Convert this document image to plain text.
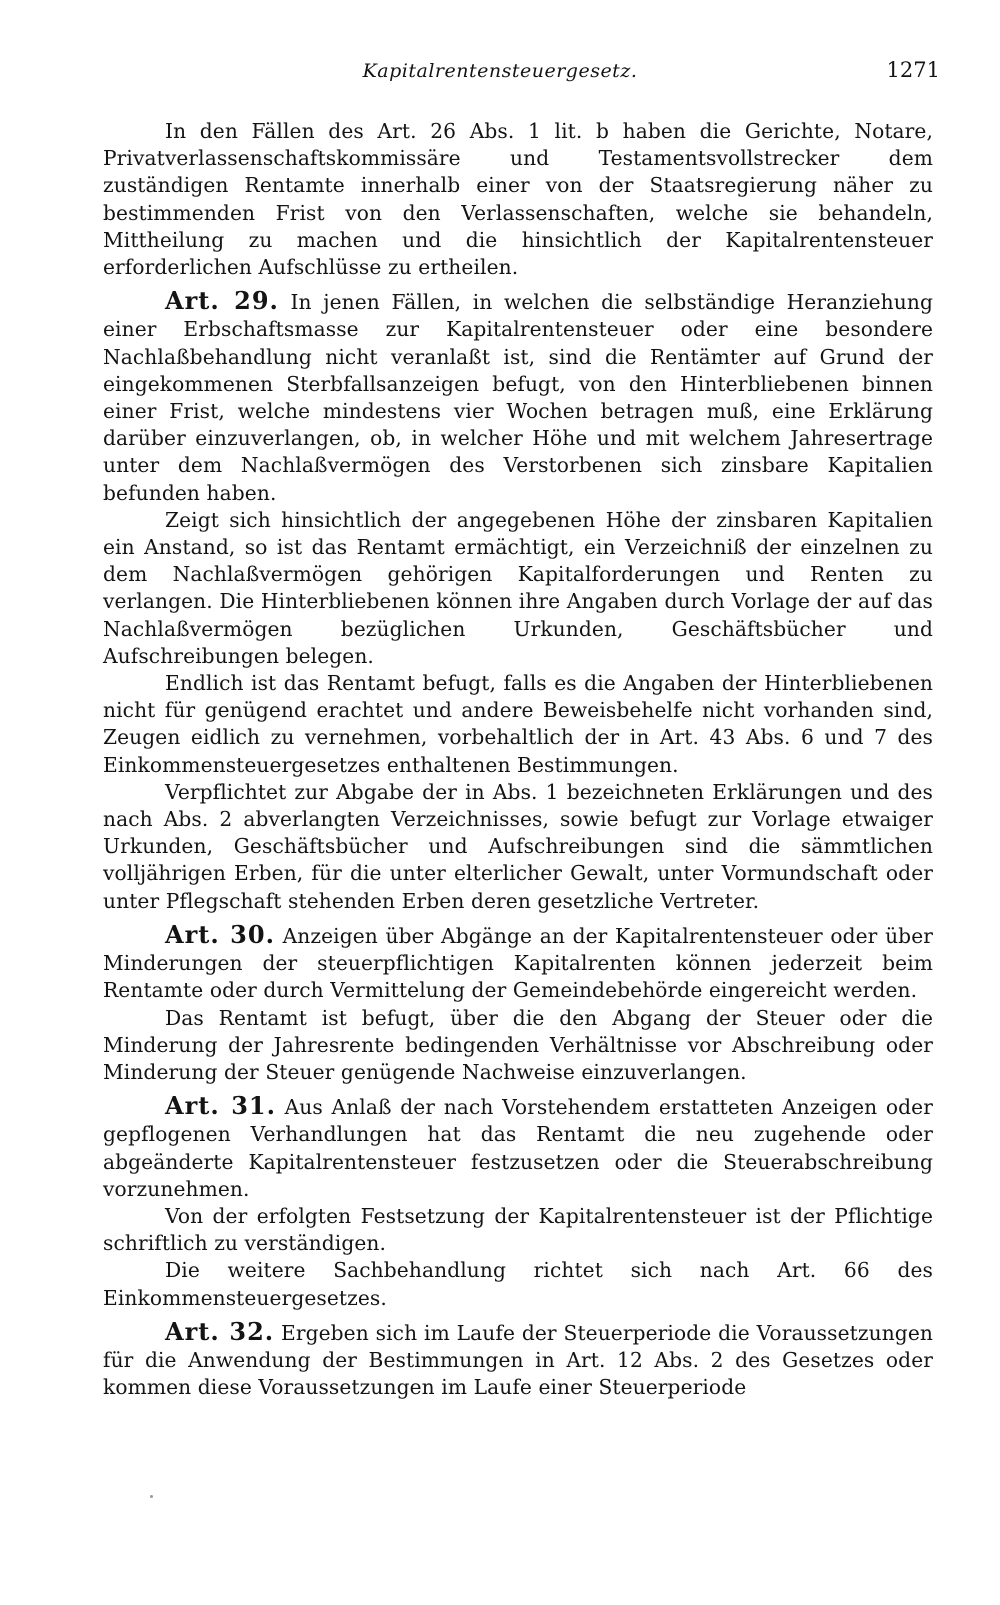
Kapitalrentensteuergesetz.	1271

In den Fällen des Art. 26 Abs. 1 lit. b haben die Gerichte, Notare, Privatverlassenschaftskommissäre und Testamentsvollstrecker dem zuständigen Rentamte innerhalb einer von der Staatsregierung näher zu bestimmenden Frist von den Verlassenschaften, welche sie behandeln, Mittheilung zu machen und die hinsichtlich der Kapitalrentensteuer erforderlichen Aufschlüsse zu ertheilen.

Art. 29. In jenen Fällen, in welchen die selbständige Heranziehung einer Erbschaftsmasse zur Kapitalrentensteuer oder eine besondere Nachlaßbehandlung nicht veranlaßt ist, sind die Rentämter auf Grund der eingekommenen Sterbfallsanzeigen befugt, von den Hinterbliebenen binnen einer Frist, welche mindestens vier Wochen betragen muß, eine Erklärung darüber einzuverlangen, ob, in welcher Höhe und mit welchem Jahresertrage unter dem Nachlaßvermögen des Verstorbenen sich zinsbare Kapitalien befunden haben.

Zeigt sich hinsichtlich der angegebenen Höhe der zinsbaren Kapitalien ein Anstand, so ist das Rentamt ermächtigt, ein Verzeichniß der einzelnen zu dem Nachlaßvermögen gehörigen Kapitalforderungen und Renten zu verlangen. Die Hinterbliebenen können ihre Angaben durch Vorlage der auf das Nachlaßvermögen bezüglichen Urkunden, Geschäftsbücher und Aufschreibungen belegen.

Endlich ist das Rentamt befugt, falls es die Angaben der Hinterbliebenen nicht für genügend erachtet und andere Beweisbehelfe nicht vorhanden sind, Zeugen eidlich zu vernehmen, vorbehaltlich der in Art. 43 Abs. 6 und 7 des Einkommensteuergesetzes enthaltenen Bestimmungen.

Verpflichtet zur Abgabe der in Abs. 1 bezeichneten Erklärungen und des nach Abs. 2 abverlangten Verzeichnisses, sowie befugt zur Vorlage etwaiger Urkunden, Geschäftsbücher und Aufschreibungen sind die sämmtlichen volljährigen Erben, für die unter elterlicher Gewalt, unter Vormundschaft oder unter Pflegschaft stehenden Erben deren gesetzliche Vertreter.

Art. 30. Anzeigen über Abgänge an der Kapitalrentensteuer oder über Minderungen der steuerpflichtigen Kapitalrenten können jederzeit beim Rentamte oder durch Vermittelung der Gemeindebehörde eingereicht werden.

Das Rentamt ist befugt, über die den Abgang der Steuer oder die Minderung der Jahresrente bedingenden Verhältnisse vor Abschreibung oder Minderung der Steuer genügende Nachweise einzuverlangen.

Art. 31. Aus Anlaß der nach Vorstehendem erstatteten Anzeigen oder gepflogenen Verhandlungen hat das Rentamt die neu zugehende oder abgeänderte Kapitalrentensteuer festzusetzen oder die Steuerabschreibung vorzunehmen.

Von der erfolgten Festsetzung der Kapitalrentensteuer ist der Pflichtige schriftlich zu verständigen.

Die weitere Sachbehandlung richtet sich nach Art. 66 des Einkommensteuergesetzes.

Art. 32. Ergeben sich im Laufe der Steuerperiode die Voraussetzungen für die Anwendung der Bestimmungen in Art. 12 Abs. 2 des Gesetzes oder kommen diese Voraussetzungen im Laufe einer Steuerperiode
